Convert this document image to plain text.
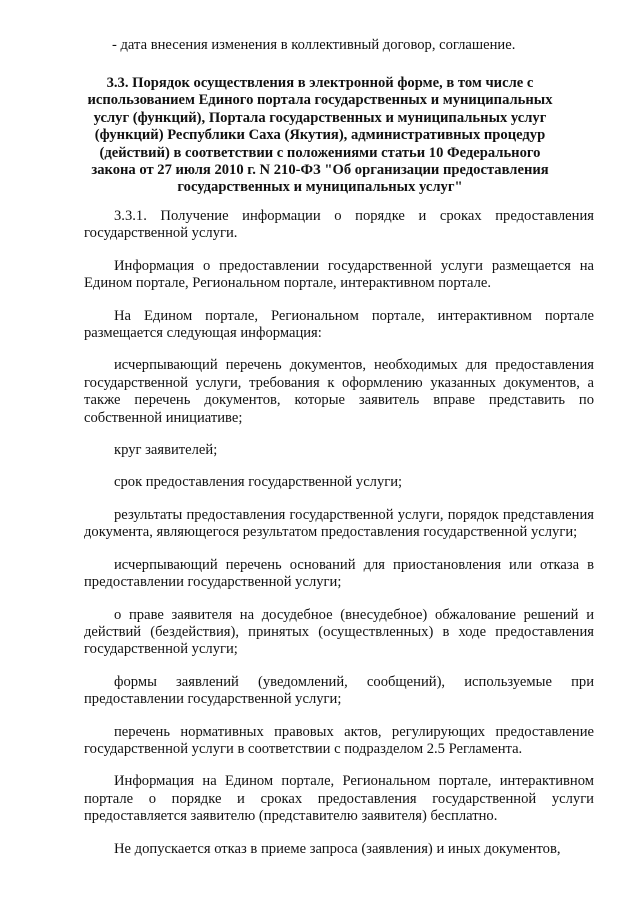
- дата внесения изменения в коллективный договор, соглашение.
3.3. Порядок осуществления в электронной форме, в том числе с использованием Единого портала государственных и муниципальных услуг (функций), Портала государственных и муниципальных услуг (функций) Республики Саха (Якутия), административных процедур (действий) в соответствии с положениями статьи 10 Федерального закона от 27 июля 2010 г. N 210-ФЗ "Об организации предоставления государственных и муниципальных услуг"

3.3.1. Получение информации о порядке и сроках предоставления государственной услуги.

Информация о предоставлении государственной услуги размещается на Едином портале, Региональном портале, интерактивном портале.

На Едином портале, Региональном портале, интерактивном портале размещается следующая информация:

исчерпывающий перечень документов, необходимых для предоставления государственной услуги, требования к оформлению указанных документов, а также перечень документов, которые заявитель вправе представить по собственной инициативе;

круг заявителей;

срок предоставления государственной услуги;

результаты предоставления государственной услуги, порядок представления документа, являющегося результатом предоставления государственной услуги;

исчерпывающий перечень оснований для приостановления или отказа в предоставлении государственной услуги;

о праве заявителя на досудебное (внесудебное) обжалование решений и действий (бездействия), принятых (осуществленных) в ходе предоставления государственной услуги;

формы заявлений (уведомлений, сообщений), используемые при предоставлении государственной услуги;

перечень нормативных правовых актов, регулирующих предоставление государственной услуги в соответствии с подразделом 2.5 Регламента.

Информация на Едином портале, Региональном портале, интерактивном портале о порядке и сроках предоставления государственной услуги предоставляется заявителю (представителю заявителя) бесплатно.

Не допускается отказ в приеме запроса (заявления) и иных документов,
